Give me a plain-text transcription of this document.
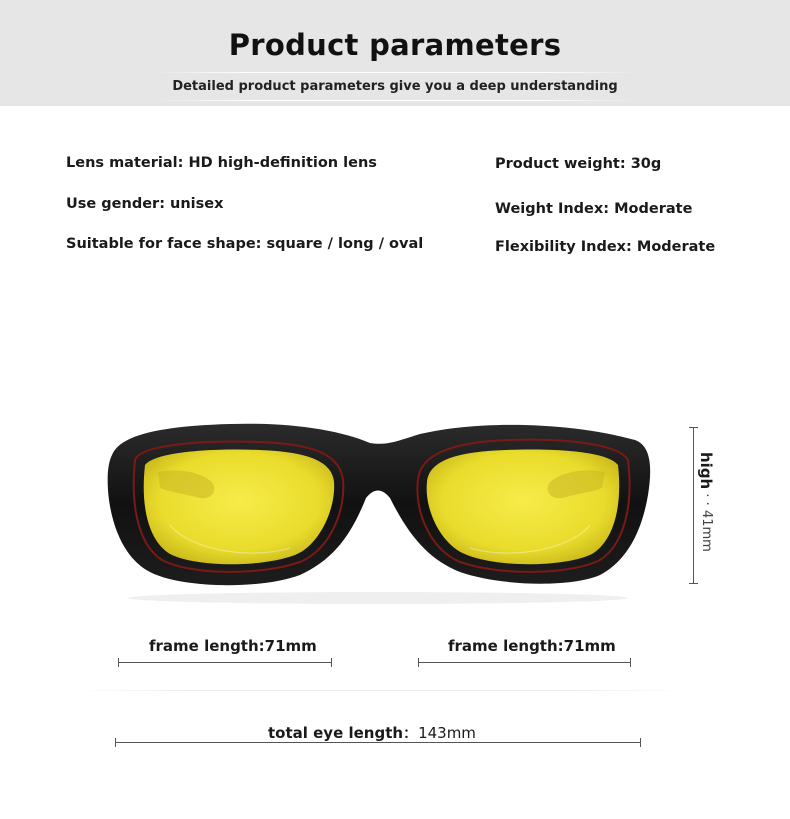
Product parameters
Detailed product parameters give you a deep understanding
Lens material: HD high-definition lens
Use gender: unisex
Suitable for face shape: square / long / oval
Product weight: 30g
Weight Index: Moderate
Flexibility Index: Moderate
high · · 41mm
frame length:71mm	frame length:71mm
total eye length：143mm
